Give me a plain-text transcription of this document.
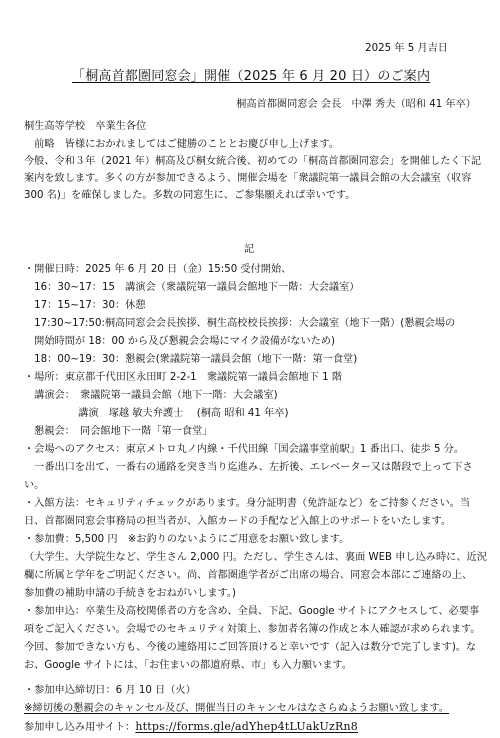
2025 年 5 月吉日
「桐高首都圏同窓会」開催（2025 年 6 月 20 日）のご案内
桐高首都圏同窓会 会長　中澤 秀夫（昭和 41 年卒）
桐生高等学校　卒業生各位
　前略　皆様におかれましてはご健勝のこととお慶び申し上げます。
今般、令和３年（2021 年）桐高及び桐女統合後、初めての「桐高首都圏同窓会」を開催したく下記
案内を致します。多くの方が参加できるよう、開催会場を「衆議院第一議員会館の大会議室（収容
300 名)」を確保しました。多数の同窓生に、ご参集願えれば幸いです。
記
・開催日時：2025 年 6 月 20 日（金）15:50 受付開始、
　16：30∼17：15　講演会（衆議院第一議員会館地下一階：大会議室）
　17：15∼17：30：休憩
　17:30∼17:50:桐高同窓会会長挨拶、桐生高校校長挨拶：大会議室（地下一階）(懇親会場の
　開始時間が 18：00 から及び懇親会会場にマイク設備がないため)
　18：00∼19：30：懇親会(衆議院第一議員会館（地下一階：第一食堂)
・場所：東京都千代田区永田町 2-2-1　衆議院第一議員会館地下 1 階
　講演会：　衆議院第一議員会館（地下一階：大会議室)
　　　　　 講演　塚越 敏夫弁護士　 (桐高 昭和 41 年卒)
　懇親会：　同会館地下一階「第一食堂」
・会場へのアクセス：東京メトロ丸ノ内線・千代田線「国会議事堂前駅」1 番出口、徒歩 5 分。
　一番出口を出て、一番右の通路を突き当り迄進み、左折後、エレベーター又は階段で上って下さ
い。
・入館方法：セキュリティチェックがあります。身分証明書（免許証など）をご持参ください。当
日、首都圏同窓会事務局の担当者が、入館カードの手配など入館上のサポートをいたします。
・参加費：5,500 円　※お釣りのないようにご用意をお願い致します。
（大学生、大学院生など、学生さん 2,000 円。ただし、学生さんは、裏面 WEB 申し込み時に、近況
欄に所属と学年をご明記ください。尚、首都圏進学者がご出席の場合、同窓会本部にご連絡の上、
参加費の補助申請の手続きをおねがいします。)
・参加申込：卒業生及高校関係者の方を含め、全員、下記、Google サイトにアクセスして、必要事
項をご記入ください。会場でのセキュリティ対策上、参加者名簿の作成と本人確認が求められます。
今回、参加できない方も、今後の連絡用にご回答頂けると幸いです（記入は数分で完了します)。な
お、Google サイトには、「お住まいの都道府県、市」も入力願います。
・参加申込締切日：6 月 10 日（火）
※締切後の懇親会のキャンセル及び、開催当日のキャンセルはなさらぬようお願い致します。
参加申し込み用サイト：https://forms.gle/adYhep4tLUakUzRn8
